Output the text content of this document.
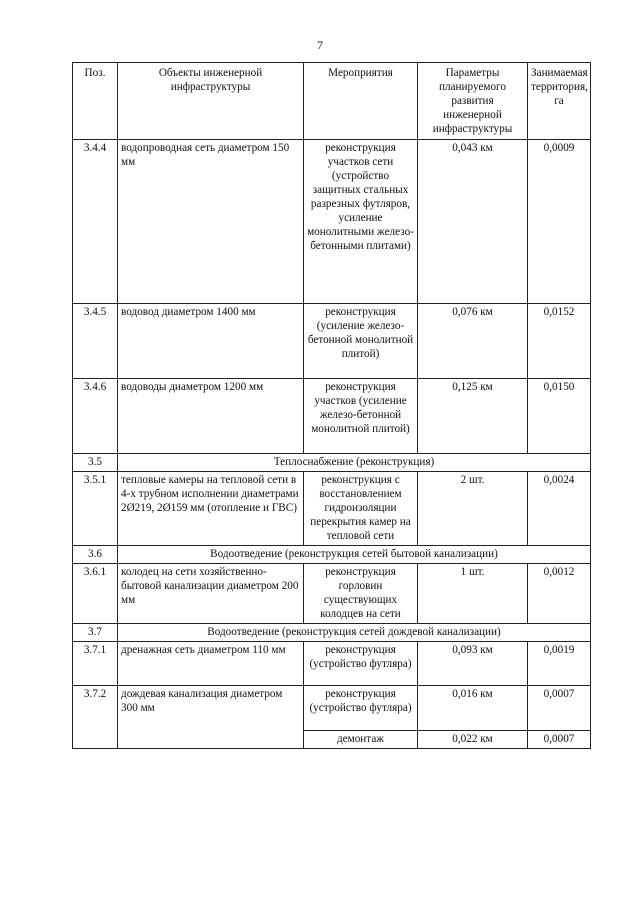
7
Поз.	Объекты инженерной инфраструктуры	Мероприятия	Параметры планируемого развития инженерной инфраструктуры	Занимаемая территория, га
3.4.4	водопроводная сеть диаметром 150 мм	реконструкция участков сети (устройство защитных стальных разрезных футляров, усиление монолитными железо-бетонными плитами)	0,043 км	0,0009
3.4.5	водовод диаметром 1400 мм	реконструкция (усиление железо-бетонной монолитной плитой)	0,076 км	0,0152
3.4.6	водоводы диаметром 1200 мм	реконструкция участков (усиление железо-бетонной монолитной плитой)	0,125 км	0,0150
3.5	Теплоснабжение (реконструкция)			
3.5.1	тепловые камеры на тепловой сети в 4-х трубном исполнении диаметрами 2Ø219, 2Ø159 мм (отопление и ГВС)	реконструкция с восстановлением гидроизоляции перекрытия камер на тепловой сети	2 шт.	0,0024
3.6	Водоотведение (реконструкция сетей бытовой канализации)			
3.6.1	колодец на сети хозяйственно-бытовой канализации диаметром 200 мм	реконструкция горловин существующих колодцев на сети	1 шт.	0,0012
3.7	Водоотведение (реконструкция сетей дождевой канализации)			
3.7.1	дренажная сеть диаметром 110 мм	реконструкция (устройство футляра)	0,093 км	0,0019
3.7.2	дождевая канализация диаметром 300 мм	реконструкция (устройство футляра)	0,016 км	0,0007
		демонтаж	0,022 км	0,0007
